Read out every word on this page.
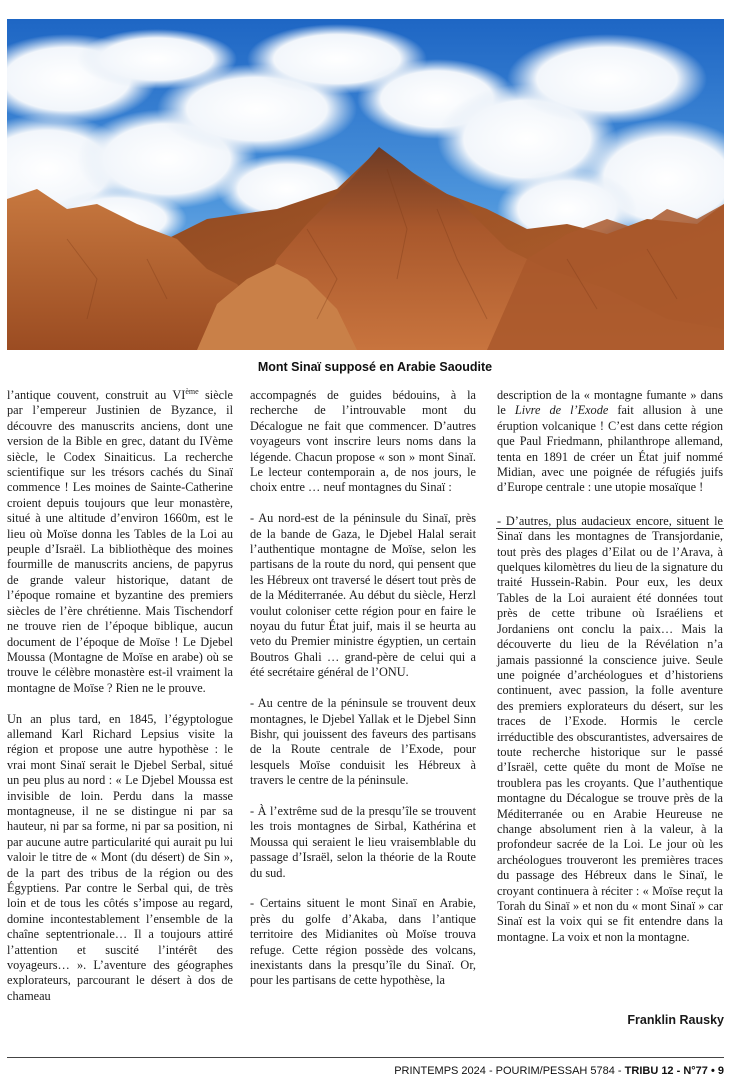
Mont Sinaï supposé en Arabie Saoudite

l’antique couvent, construit au VIème siècle par l’empereur Justinien de Byzance, il découvre des manuscrits anciens, dont une version de la Bible en grec, datant du IVème siècle, le Codex Sinaiticus. La recherche scientifique sur les trésors cachés du Sinaï commence ! Les moines de Sainte-Catherine croient depuis toujours que leur monastère, situé à une altitude d’environ 1660m, est le lieu où Moïse donna les Tables de la Loi au peuple d’Israël. La bibliothèque des moines fourmille de manuscrits anciens, de papyrus de grande valeur historique, datant de l’époque romaine et byzantine des premiers siècles de l’ère chrétienne. Mais Tischendorf ne trouve rien de l’époque biblique, aucun document de l’époque de Moïse ! Le Djebel Moussa (Montagne de Moïse en arabe) où se trouve le célèbre monastère est-il vraiment la montagne de Moïse ? Rien ne le prouve.

Un an plus tard, en 1845, l’égyptologue allemand Karl Richard Lepsius visite la région et propose une autre hypothèse : le vrai mont Sinaï serait le Djebel Serbal, situé un peu plus au nord : « Le Djebel Moussa est invisible de loin. Perdu dans la masse montagneuse, il ne se distingue ni par sa hauteur, ni par sa forme, ni par sa position, ni par aucune autre particularité qui aurait pu lui valoir le titre de « Mont (du désert) de Sin », de la part des tribus de la région ou des Égyptiens. Par contre le Serbal qui, de très loin et de tous les côtés s’impose au regard, domine incontestablement l’ensemble de la chaîne septentrionale… Il a toujours attiré l’attention et suscité l’intérêt des voyageurs… ». L’aventure des géographes explorateurs, parcourant le désert à dos de chameau

accompagnés de guides bédouins, à la recherche de l’introuvable mont du Décalogue ne fait que commencer. D’autres voyageurs vont inscrire leurs noms dans la légende. Chacun propose « son » mont Sinaï. Le lecteur contemporain a, de nos jours, le choix entre … neuf montagnes du Sinaï :

- Au nord-est de la péninsule du Sinaï, près de la bande de Gaza, le Djebel Halal serait l’authentique montagne de Moïse, selon les partisans de la route du nord, qui pensent que les Hébreux ont traversé le désert tout près de de la Méditerranée. Au début du siècle, Herzl voulut coloniser cette région pour en faire le noyau du futur État juif, mais il se heurta au veto du Premier ministre égyptien, un certain Boutros Ghali … grand-père de celui qui a été secrétaire général de l’ONU.

- Au centre de la péninsule se trouvent deux montagnes, le Djebel Yallak et le Djebel Sinn Bishr, qui jouissent des faveurs des partisans de la Route centrale de l’Exode, pour lesquels Moïse conduisit les Hébreux à travers le centre de la péninsule.

- À l’extrême sud de la presqu’île se trouvent les trois montagnes de Sirbal, Kathérina et Moussa qui seraient le lieu vraisemblable du passage d’Israël, selon la théorie de la Route du sud.

- Certains situent le mont Sinaï en Arabie, près du golfe d’Akaba, dans l’antique territoire des Midianites où Moïse trouva refuge. Cette région possède des volcans, inexistants dans la presqu’île du Sinaï. Or, pour les partisans de cette hypothèse, la

description de la « montagne fumante » dans le Livre de l’Exode fait allusion à une éruption volcanique ! C’est dans cette région que Paul Friedmann, philanthrope allemand, tenta en 1891 de créer un État juif nommé Midian, avec une poignée de réfugiés juifs d’Europe centrale : une utopie mosaïque !

- D’autres, plus audacieux encore, situent le Sinaï dans les montagnes de Transjordanie, tout près des plages d’Eilat ou de l’Arava, à quelques kilomètres du lieu de la signature du traité Hussein-Rabin. Pour eux, les deux Tables de la Loi auraient été données tout près de cette tribune où Israéliens et Jordaniens ont conclu la paix… Mais la découverte du lieu de la Révélation n’a jamais passionné la conscience juive. Seule une poignée d’archéologues et d’historiens continuent, avec passion, la folle aventure des premiers explorateurs du désert, sur les traces de l’Exode. Hormis le cercle irréductible des obscurantistes, adversaires de toute recherche historique sur le passé d’Israël, cette quête du mont de Moïse ne troublera pas les croyants. Que l’authentique montagne du Décalogue se trouve près de la Méditerranée ou en Arabie Heureuse ne change absolument rien à la valeur, à la profondeur sacrée de la Loi. Le jour où les archéologues trouveront les premières traces du passage des Hébreux dans le Sinaï, le croyant continuera à réciter : « Moïse reçut la Torah du Sinaï » et non du « mont Sinaï » car Sinaï est la voix qui se fit entendre dans la montagne. La voix et non la montagne.

Franklin Rausky
PRINTEMPS 2024 - POURIM/PESSAH 5784 - TRIBU 12 - N°77 • 9
